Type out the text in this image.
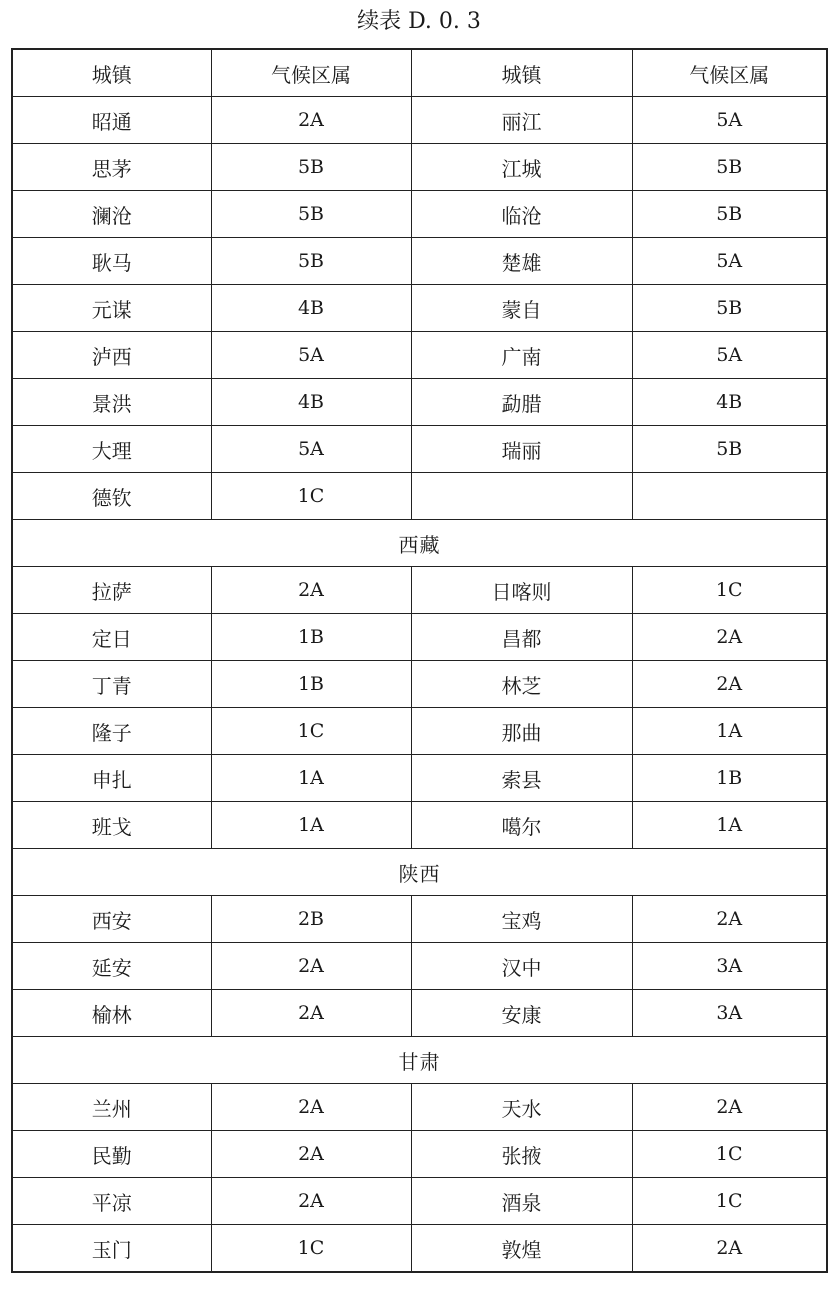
续表 D. 0. 3
城镇	气候区属	城镇	气候区属
昭通	2A	丽江	5A
思茅	5B	江城	5B
澜沧	5B	临沧	5B
耿马	5B	楚雄	5A
元谋	4B	蒙自	5B
泸西	5A	广南	5A
景洪	4B	勐腊	4B
大理	5A	瑞丽	5B
德钦	1C		
西藏			
拉萨	2A	日喀则	1C
定日	1B	昌都	2A
丁青	1B	林芝	2A
隆子	1C	那曲	1A
申扎	1A	索县	1B
班戈	1A	噶尔	1A
陕西			
西安	2B	宝鸡	2A
延安	2A	汉中	3A
榆林	2A	安康	3A
甘肃			
兰州	2A	天水	2A
民勤	2A	张掖	1C
平凉	2A	酒泉	1C
玉门	1C	敦煌	2A
